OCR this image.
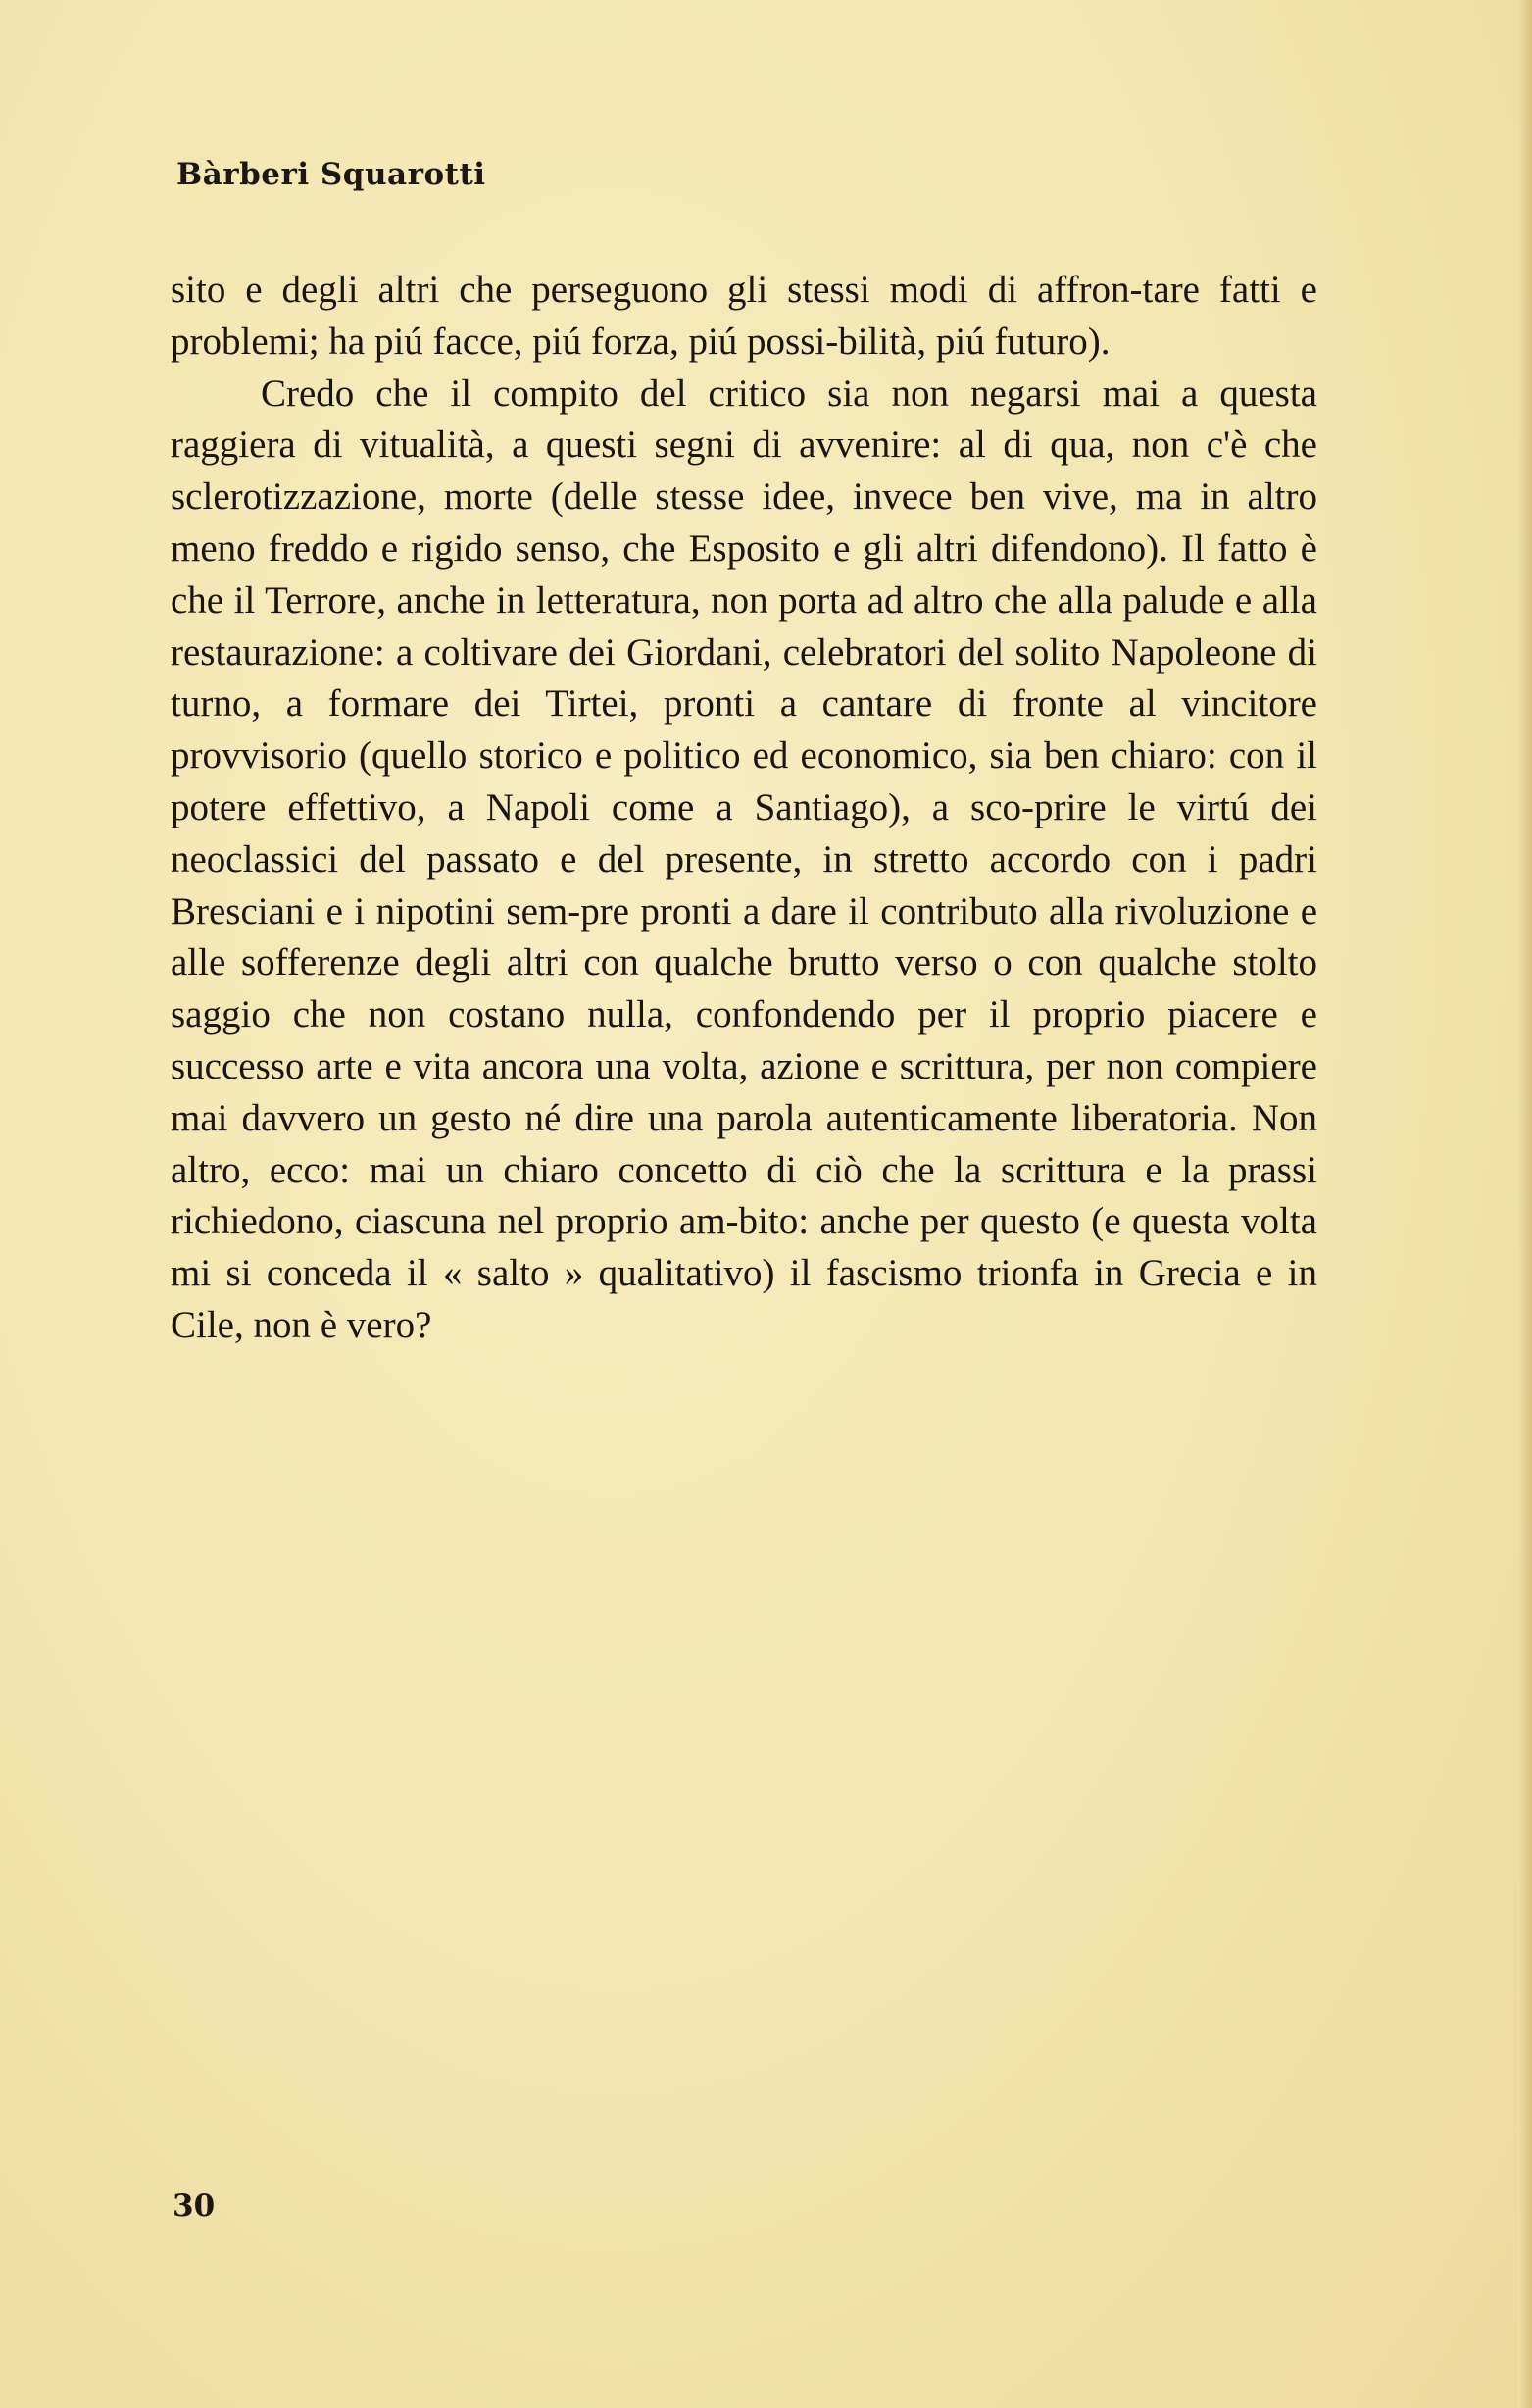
Bàrberi Squarotti

sito e degli altri che perseguono gli stessi modi di affron-tare fatti e problemi; ha piú facce, piú forza, piú possi-bilità, piú futuro).

Credo che il compito del critico sia non negarsi mai a questa raggiera di vitualità, a questi segni di avvenire: al di qua, non c'è che sclerotizzazione, morte (delle stesse idee, invece ben vive, ma in altro meno freddo e rigido senso, che Esposito e gli altri difendono). Il fatto è che il Terrore, anche in letteratura, non porta ad altro che alla palude e alla restaurazione: a coltivare dei Giordani, celebratori del solito Napoleone di turno, a formare dei Tirtei, pronti a cantare di fronte al vincitore provvisorio (quello storico e politico ed economico, sia ben chiaro: con il potere effettivo, a Napoli come a Santiago), a sco-prire le virtú dei neoclassici del passato e del presente, in stretto accordo con i padri Bresciani e i nipotini sem-pre pronti a dare il contributo alla rivoluzione e alle sofferenze degli altri con qualche brutto verso o con qualche stolto saggio che non costano nulla, confondendo per il proprio piacere e successo arte e vita ancora una volta, azione e scrittura, per non compiere mai davvero un gesto né dire una parola autenticamente liberatoria. Non altro, ecco: mai un chiaro concetto di ciò che la scrittura e la prassi richiedono, ciascuna nel proprio am-bito: anche per questo (e questa volta mi si conceda il « salto » qualitativo) il fascismo trionfa in Grecia e in Cile, non è vero?

30
